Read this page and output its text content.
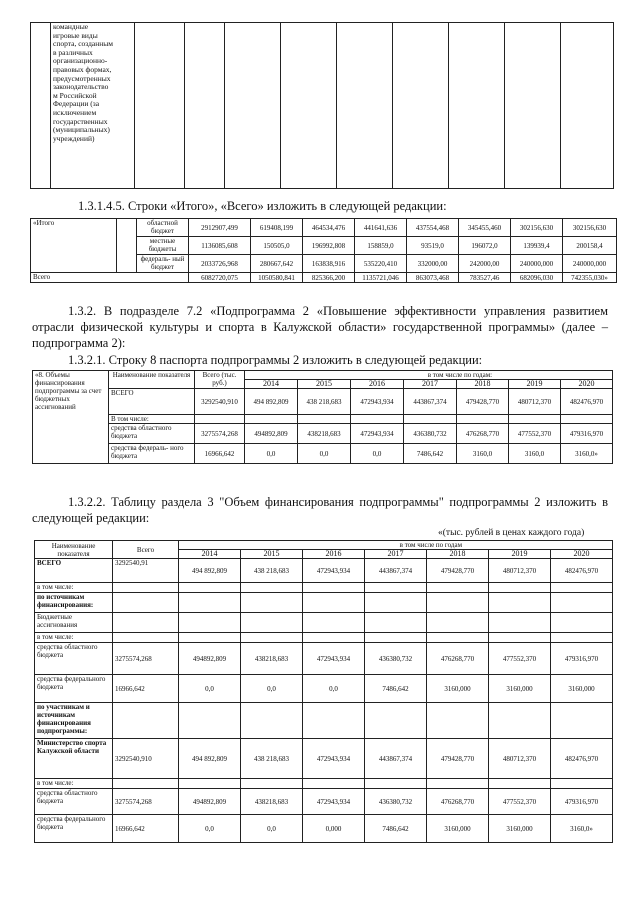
командные
игровые виды
спорта, созданным
в различных
организационно-
правовых формах,
предусмотренных
законодательство
м Российской
Федерации (за
исключением
государственных
(муниципальных)
учреждений)

1.3.1.4.5. Строки «Итого», «Всего» изложить в следующей редакции:
«Итого		областной бюджет	2912907,499	619408,199	464534,476	441641,636	437554,468	345455,460	302156,630	302156,630
		местные бюджеты	1136085,608	150505,0	196992,808	158859,0	93519,0	196072,0	139939,4	200158,4
		федераль- ный бюджет	2033726,968	280667,642	163838,916	535220,410	332000,00	242000,00	240000,000	240000,000
Всего			6082720,075	1050580,841	825366,200	1135721,046	863073,468	783527,46	682096,030	742355,030»
1.3.2. В подразделе 7.2 «Подпрограмма 2 «Повышение эффективности управления развитием отрасли физической культуры и спорта в Калужской области» государственной программы» (далее – подпрограмма 2):
1.3.2.1. Строку 8 паспорта подпрограммы 2 изложить в следующей редакции:
«8. Объемы финансирования подпрограммы за счет бюджетных ассигнований	Наименование показателя	Всего (тыс. руб.)	в том числе по годам:						
			2014	2015	2016	2017	2018	2019	2020
	ВСЕГО	3292540,910	494 892,809	438 218,683	472943,934	443867,374	479428,770	480712,370	482476,970
	В том числе:								
	средства областного бюджета	3275574,268	494892,809	438218,683	472943,934	436380,732	476268,770	477552,370	479316,970
	средства федераль- ного бюджета	16966,642	0,0	0,0	0,0	7486,642	3160,0	3160,0	3160,0»
1.3.2.2. Таблицу раздела 3 "Объем финансирования подпрограммы" подпрограммы 2 изложить в следующей редакции:
«(тыс. рублей в ценах каждого года)
Наименование показателя	Всего	в том числе по годам						
		2014	2015	2016	2017	2018	2019	2020
ВСЕГО	3292540,91	494 892,809	438 218,683	472943,934	443867,374	479428,770	480712,370	482476,970
в том числе:								
по источникам финансирования:								
Бюджетные ассигнования								
в том числе:								
средства областного бюджета	3275574,268	494892,809	438218,683	472943,934	436380,732	476268,770	477552,370	479316,970
средства федерального бюджета	16966,642	0,0	0,0	0,0	7486,642	3160,000	3160,000	3160,000
по участникам и источникам финансирования подпрограммы:								
Министерство спорта Калужской области	3292540,910	494 892,809	438 218,683	472943,934	443867,374	479428,770	480712,370	482476,970
в том числе:								
средства областного бюджета	3275574,268	494892,809	438218,683	472943,934	436380,732	476268,770	477552,370	479316,970
средства федерального бюджета	16966,642	0,0	0,0	0,000	7486,642	3160,000	3160,000	3160,0»
